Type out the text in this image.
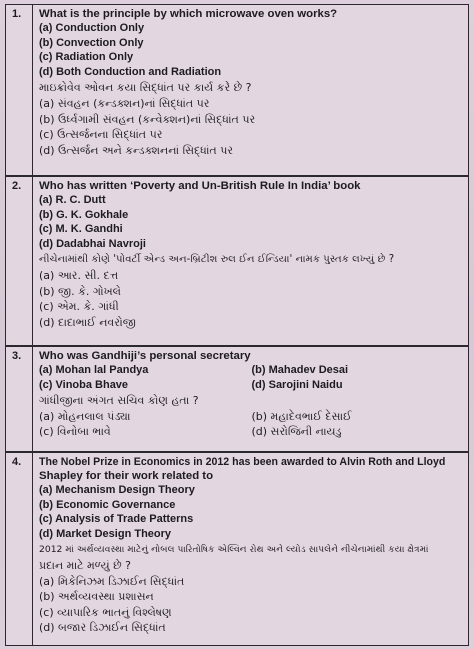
1.	What is the principle by which microwave oven works?
(a) Conduction Only
(b) Convection Only
(c) Radiation Only
(d) Both Conduction and Radiation
માઇક્રોવેવ ઓવન કયા સિદ્ધાંત પર કાર્ય કરે છે ?
(a) સંવહન (કન્ડક્શન)નાં સિદ્ધાંત પર
(b) ઉર્ધ્વગામી સંવહન (કન્વેક્શન)નાં સિદ્ધાંત પર
(c) ઉત્સર્જનના સિદ્ધાંત પર
(d) ઉત્સર્જન અને કન્ડક્શનનાં સિદ્ધાંત પર
2.	Who has written ‘Poverty and Un-British Rule In India’ book
(a) R. C. Dutt
(b) G. K. Gokhale
(c) M. K. Gandhi
(d) Dadabhai Navroji
નીચેનામાંથી કોણે 'પોવર્ટી એન્ડ અન-બ્રિટીશ રુલ ઈન ઈન્ડિયા' નામક પુસ્તક લખ્યું છે ?
(a) આર. સી. દત્ત
(b) જી. કે. ગોખલે
(c) એમ. કે. ગાંધી
(d) દાદાભાઈ નવરોજી
3.	Who was Gandhiji’s personal secretary
(a) Mohan lal Pandya	(b) Mahadev Desai
(c) Vinoba Bhave	(d) Sarojini Naidu
ગાંધીજીના અંગત સચિવ કોણ હતા ?
(a) મોહનલાલ પંડ્યા	(b) મહાદેવભાઈ દેસાઈ
(c) વિનોબા ભાવે	(d) સરોજિની નાયડુ
4.	The Nobel Prize in Economics in 2012 has been awarded to Alvin Roth and Lloyd
Shapley for their work related to
(a) Mechanism Design Theory
(b) Economic Governance
(c) Analysis of Trade Patterns
(d) Market Design Theory
2012 માં અર્થવ્યવસ્થા માટેનું નોબલ પારિતોષિક એલ્વિન રોથ અને લ્યોડ સાપલેને નીચેનામાંથી કયા ક્ષેત્રમાં
પ્રદાન માટે મળ્યું છે ?
(a) મિકેનિઝમ ડિઝાઈન સિદ્ધાંત
(b) અર્થવ્યવસ્થા પ્રશાસન
(c) વ્યાપારિક ભાતનું વિશ્લેષણ
(d) બજાર ડિઝાઈન સિદ્ધાંત
